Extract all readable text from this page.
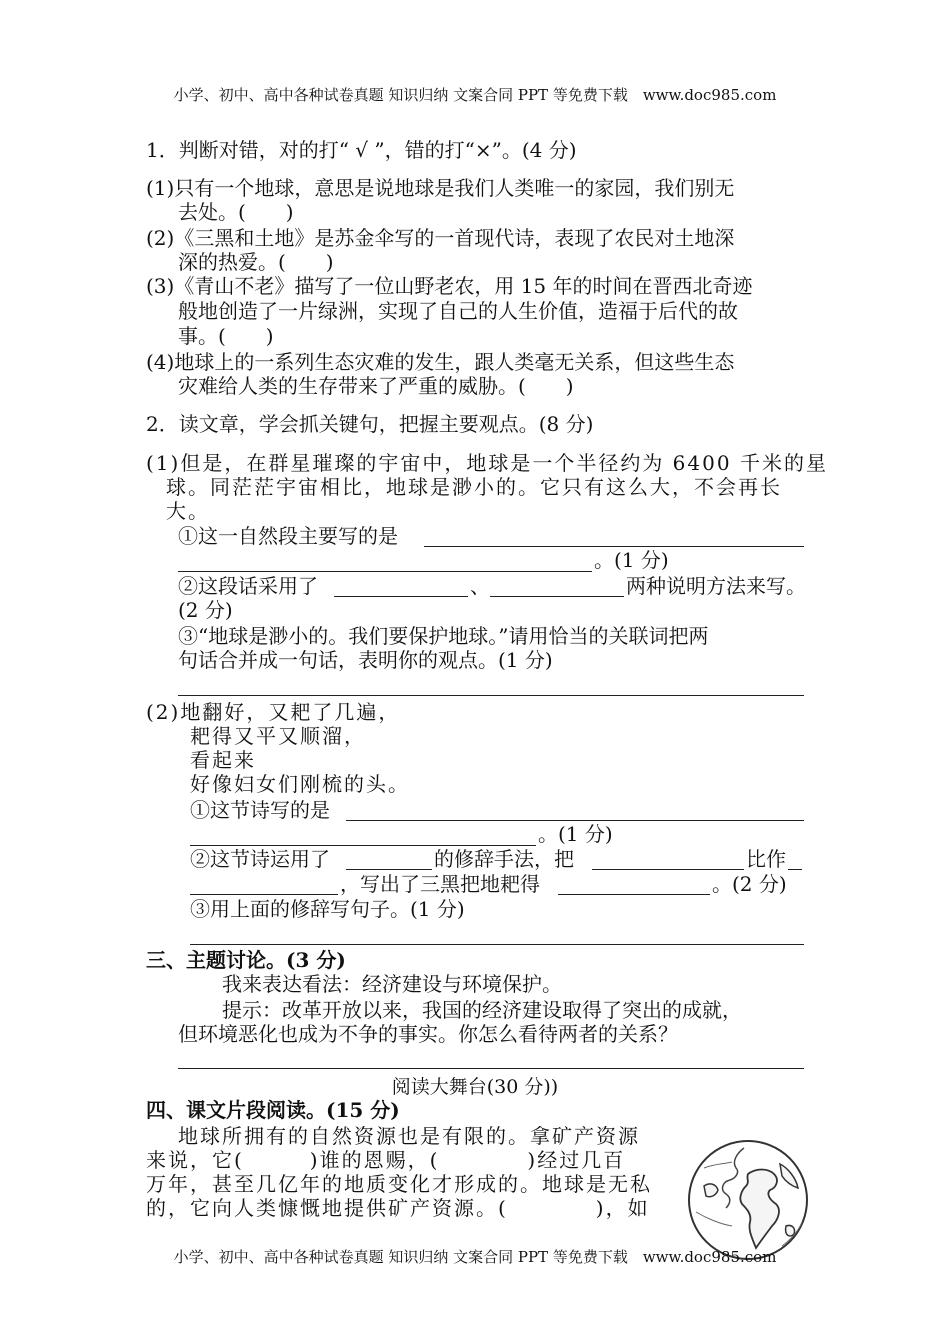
小学、初中、高中各种试卷真题 知识归纳 文案合同 PPT 等免费下载　www.doc985.com
1．判断对错，对的打“ √ ”，错的打“×”。(4 分)
(1)只有一个地球，意思是说地球是我们人类唯一的家园，我们别无
去处。(　　)
(2)《三黑和土地》是苏金伞写的一首现代诗，表现了农民对土地深
深的热爱。(　　)
(3)《青山不老》描写了一位山野老农，用 15 年的时间在晋西北奇迹
般地创造了一片绿洲，实现了自己的人生价值，造福于后代的故
事。(　　)
(4)地球上的一系列生态灾难的发生，跟人类毫无关系，但这些生态
灾难给人类的生存带来了严重的威胁。(　　)
2．读文章，学会抓关键句，把握主要观点。(8 分)
(1)但是，在群星璀璨的宇宙中，地球是一个半径约为 6400 千米的星
球。同茫茫宇宙相比，地球是渺小的。它只有这么大，不会再长
大。
①这一自然段主要写的是
。(1 分)
②这段话采用了	、	两种说明方法来写。
(2 分)
③“地球是渺小的。我们要保护地球。”请用恰当的关联词把两
句话合并成一句话，表明你的观点。(1 分)
(2)地翻好，又耙了几遍，
耙得又平又顺溜，
看起来
好像妇女们刚梳的头。
①这节诗写的是
。(1 分)
②这节诗运用了	的修辞手法，把	比作
，写出了三黑把地耙得	。(2 分)
③用上面的修辞写句子。(1 分)
三、主题讨论。(3 分)
我来表达看法：经济建设与环境保护。
提示：改革开放以来，我国的经济建设取得了突出的成就，
但环境恶化也成为不争的事实。你怎么看待两者的关系？
阅读大舞台(30 分))
四、课文片段阅读。(15 分)
地球所拥有的自然资源也是有限的。拿矿产资源
来说，它(　　　)谁的恩赐，(　　　　)经过几百
万年，甚至几亿年的地质变化才形成的。地球是无私
的，它向人类慷慨地提供矿产资源。(　　　　)，如
小学、初中、高中各种试卷真题 知识归纳 文案合同 PPT 等免费下载　www.doc985.com
